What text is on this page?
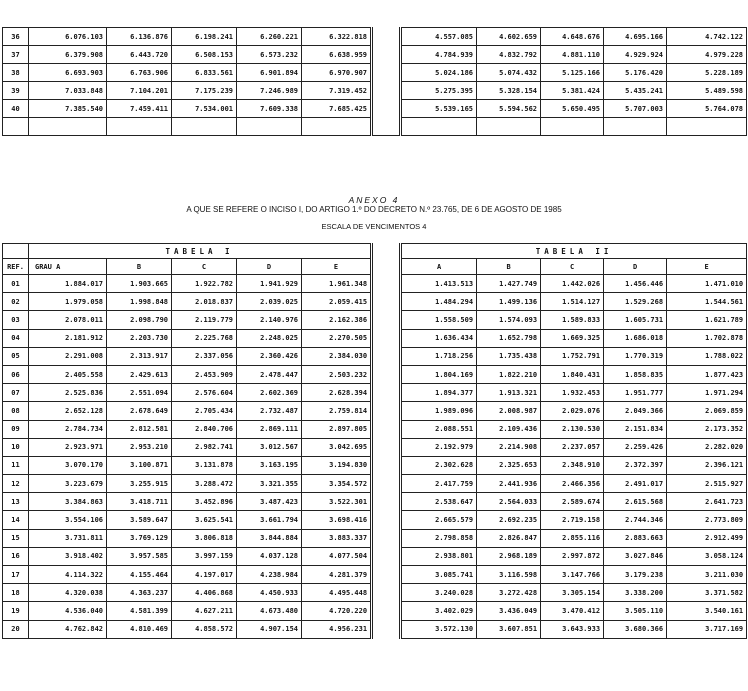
36	6.076.103	6.136.876	6.198.241	6.260.221	6.322.818		4.557.085	4.602.659	4.648.676	4.695.166	4.742.122
37	6.379.908	6.443.720	6.508.153	6.573.232	6.638.959		4.784.939	4.832.792	4.881.110	4.929.924	4.979.228
38	6.693.903	6.763.906	6.833.561	6.901.894	6.970.907		5.024.186	5.074.432	5.125.166	5.176.420	5.228.189
39	7.033.848	7.104.201	7.175.239	7.246.989	7.319.452		5.275.395	5.328.154	5.381.424	5.435.241	5.489.598
40	7.385.540	7.459.411	7.534.001	7.609.338	7.685.425		5.539.165	5.594.562	5.650.495	5.707.003	5.764.078

ANEXO 4
A QUE SE REFERE O INCISO I, DO ARTIGO 1.º DO DECRETO N.º 23.765, DE 6 DE AGOSTO DE 1985
ESCALA DE VENCIMENTOS 4
	TABELA I						TABELA II				
REF.	GRAU A	B	C	D	E		A	B	C	D	E
01	1.884.017	1.903.665	1.922.782	1.941.929	1.961.348		1.413.513	1.427.749	1.442.026	1.456.446	1.471.010
02	1.979.058	1.998.848	2.018.837	2.039.025	2.059.415		1.484.294	1.499.136	1.514.127	1.529.268	1.544.561
03	2.078.011	2.098.790	2.119.779	2.140.976	2.162.386		1.558.509	1.574.093	1.589.833	1.605.731	1.621.789
04	2.181.912	2.203.730	2.225.768	2.248.025	2.270.505		1.636.434	1.652.798	1.669.325	1.686.018	1.702.878
05	2.291.008	2.313.917	2.337.056	2.360.426	2.384.030		1.718.256	1.735.438	1.752.791	1.770.319	1.788.022
06	2.405.558	2.429.613	2.453.909	2.478.447	2.503.232		1.804.169	1.822.210	1.840.431	1.858.835	1.877.423
07	2.525.836	2.551.094	2.576.604	2.602.369	2.628.394		1.894.377	1.913.321	1.932.453	1.951.777	1.971.294
08	2.652.128	2.678.649	2.705.434	2.732.487	2.759.814		1.989.096	2.008.987	2.029.076	2.049.366	2.069.859
09	2.784.734	2.812.581	2.840.706	2.869.111	2.897.805		2.088.551	2.109.436	2.130.530	2.151.834	2.173.352
10	2.923.971	2.953.210	2.982.741	3.012.567	3.042.695		2.192.979	2.214.908	2.237.057	2.259.426	2.282.020
11	3.070.170	3.100.871	3.131.878	3.163.195	3.194.830		2.302.628	2.325.653	2.348.910	2.372.397	2.396.121
12	3.223.679	3.255.915	3.288.472	3.321.355	3.354.572		2.417.759	2.441.936	2.466.356	2.491.017	2.515.927
13	3.384.863	3.418.711	3.452.896	3.487.423	3.522.301		2.538.647	2.564.033	2.589.674	2.615.568	2.641.723
14	3.554.106	3.589.647	3.625.541	3.661.794	3.698.416		2.665.579	2.692.235	2.719.158	2.744.346	2.773.809
15	3.731.811	3.769.129	3.806.818	3.844.884	3.883.337		2.798.858	2.826.847	2.855.116	2.883.663	2.912.499
16	3.918.402	3.957.585	3.997.159	4.037.128	4.077.504		2.938.801	2.968.189	2.997.872	3.027.846	3.058.124
17	4.114.322	4.155.464	4.197.017	4.238.984	4.281.379		3.085.741	3.116.598	3.147.766	3.179.238	3.211.030
18	4.320.038	4.363.237	4.406.868	4.450.933	4.495.448		3.240.028	3.272.428	3.305.154	3.338.200	3.371.582
19	4.536.040	4.581.399	4.627.211	4.673.480	4.720.220		3.402.029	3.436.049	3.470.412	3.505.110	3.540.161
20	4.762.842	4.810.469	4.858.572	4.907.154	4.956.231		3.572.130	3.607.851	3.643.933	3.680.366	3.717.169
